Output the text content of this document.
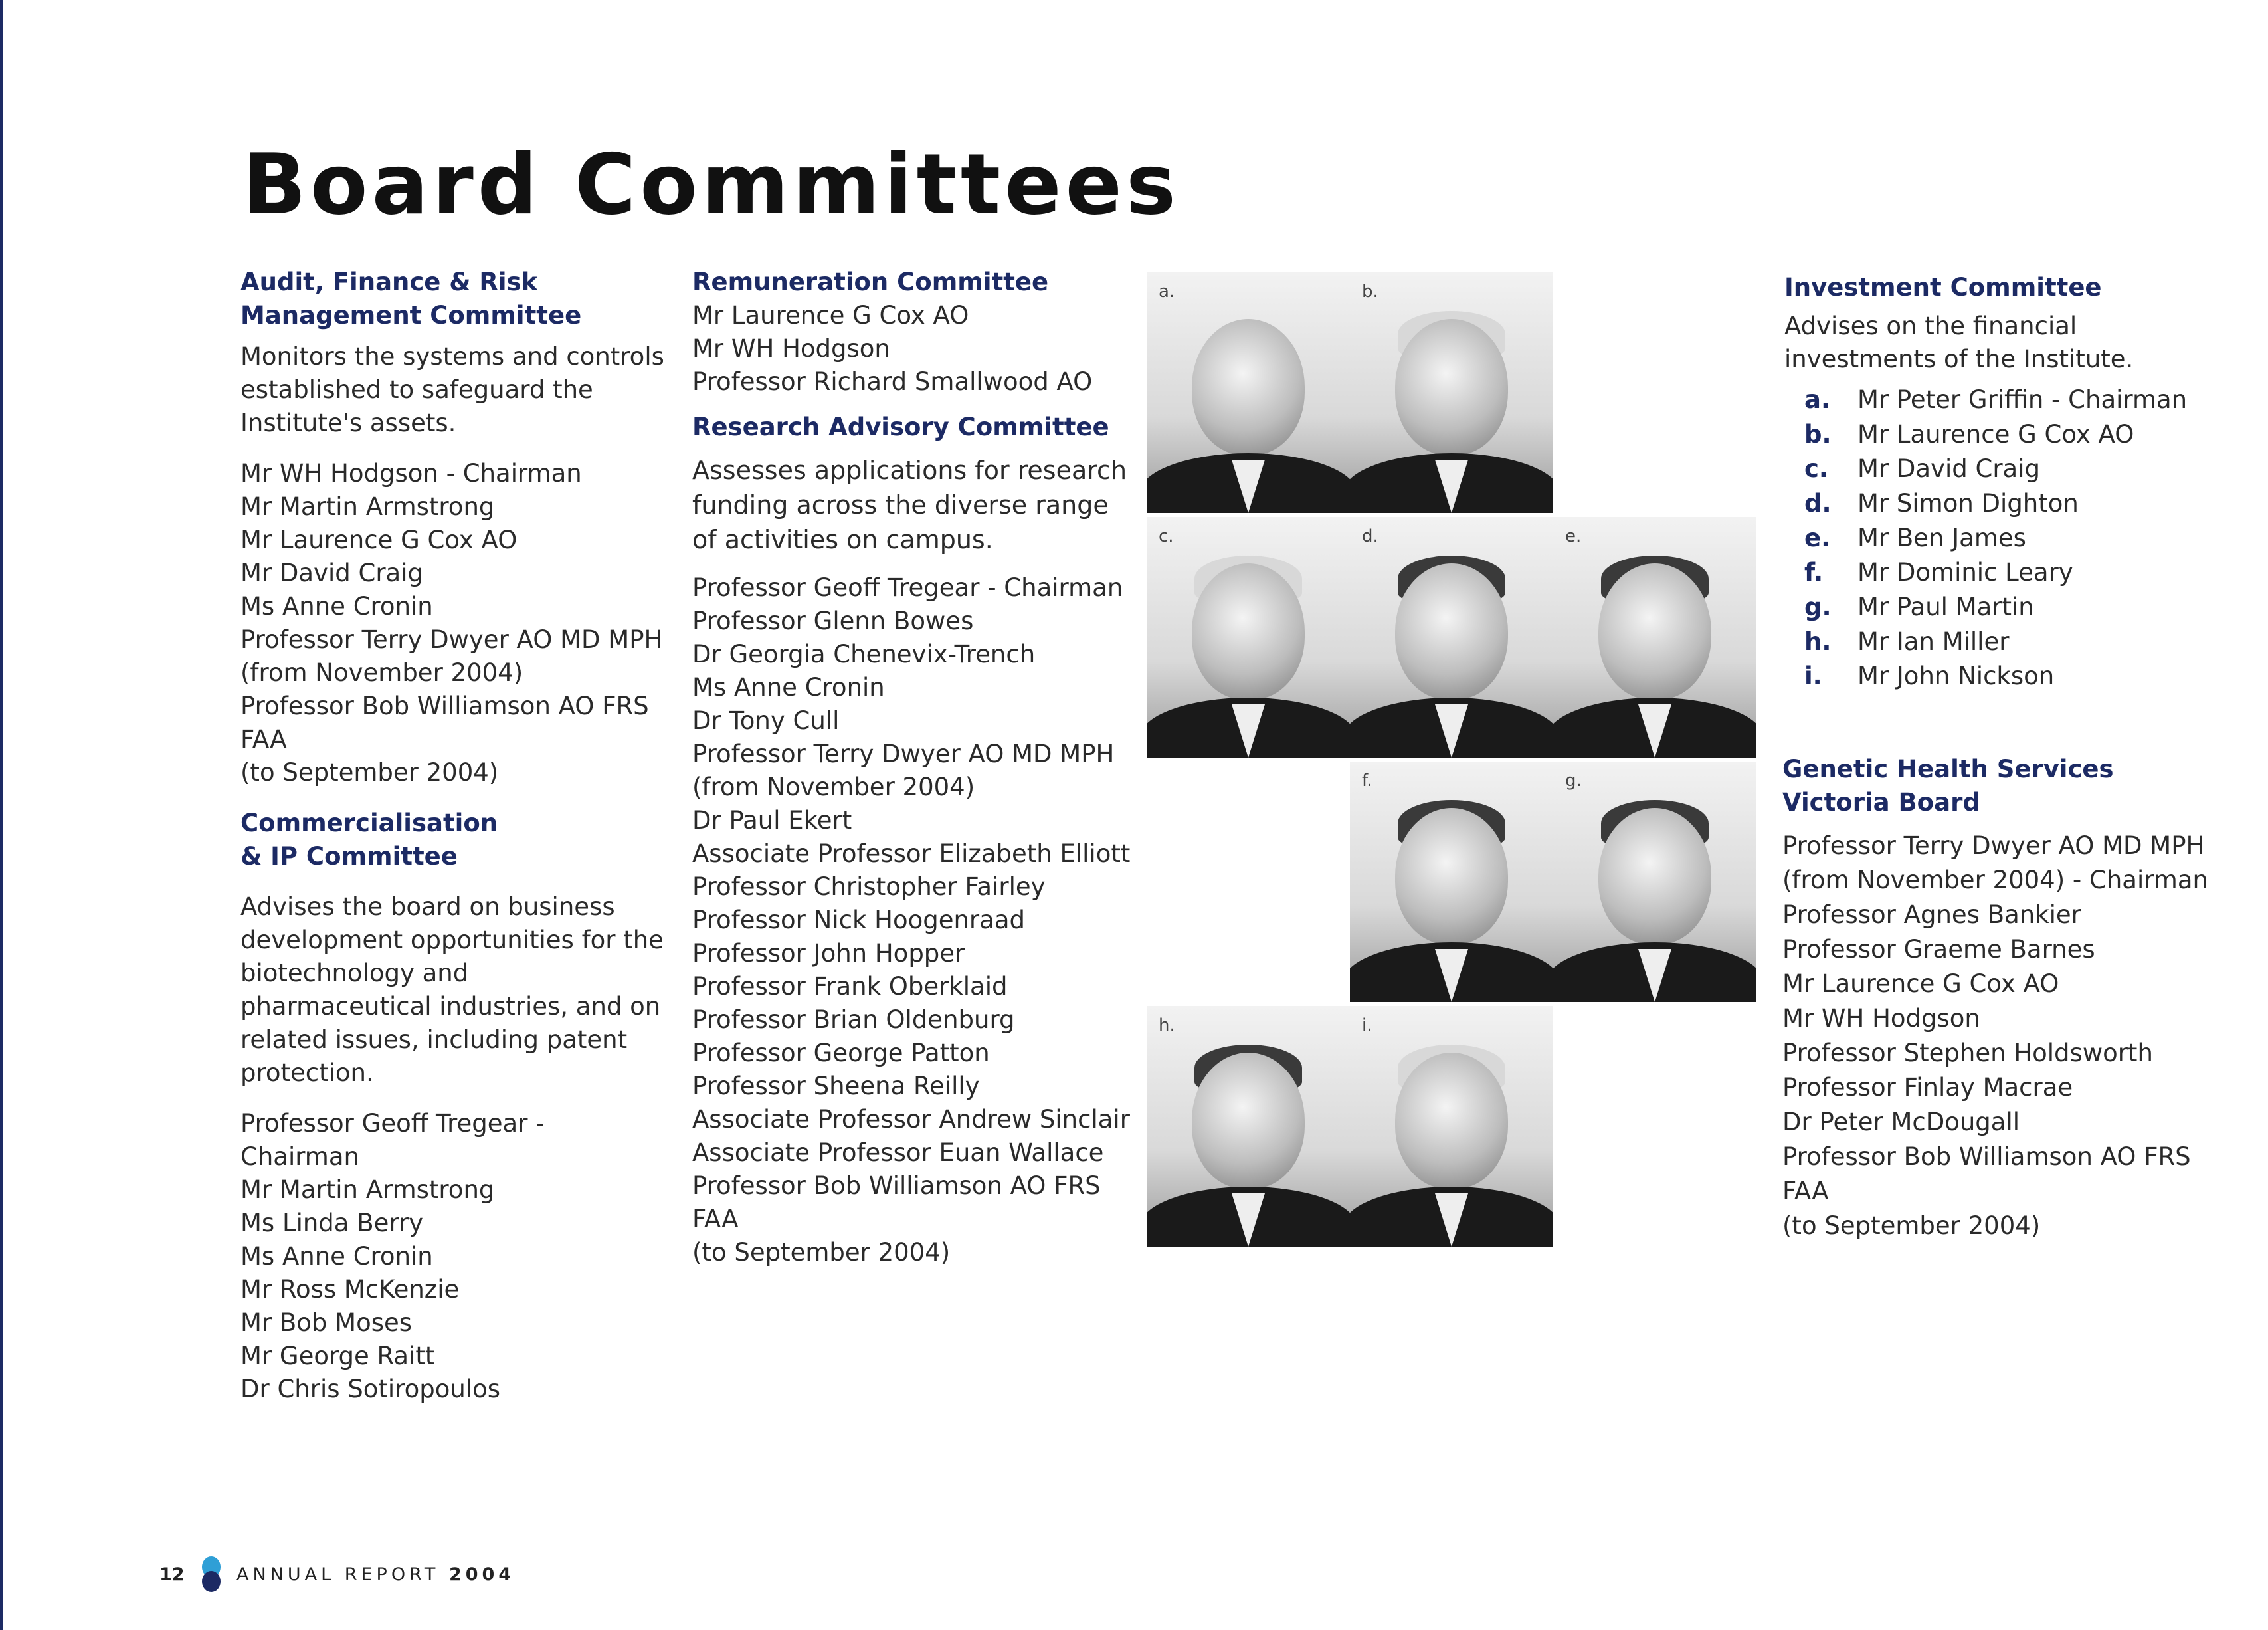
Board Committees
Audit, Finance & Risk Management Committee

Monitors the systems and controls established to safeguard the Institute's assets.

Mr WH Hodgson - Chairman
Mr Martin Armstrong
Mr Laurence G Cox AO
Mr David Craig
Ms Anne Cronin
Professor Terry Dwyer AO MD MPH
(from November 2004)
Professor Bob Williamson AO FRS FAA
(to September 2004)
Commercialisation
& IP Committee

Advises the board on business development opportunities for the biotechnology and pharmaceutical industries, and on related issues, including patent protection.

Professor Geoff Tregear - Chairman
Mr Martin Armstrong
Ms Linda Berry
Ms Anne Cronin
Mr Ross McKenzie
Mr Bob Moses
Mr George Raitt
Dr Chris Sotiropoulos
Remuneration Committee
Mr Laurence G Cox AO
Mr WH Hodgson
Professor Richard Smallwood AO
Research Advisory Committee

Assesses applications for research funding across the diverse range of activities on campus.

Professor Geoff Tregear - Chairman
Professor Glenn Bowes
Dr Georgia Chenevix-Trench
Ms Anne Cronin
Dr Tony Cull
Professor Terry Dwyer AO MD MPH
(from November 2004)
Dr Paul Ekert
Associate Professor Elizabeth Elliott
Professor Christopher Fairley
Professor Nick Hoogenraad
Professor John Hopper
Professor Frank Oberklaid
Professor Brian Oldenburg
Professor George Patton
Professor Sheena Reilly
Associate Professor Andrew Sinclair
Associate Professor Euan Wallace
Professor Bob Williamson AO FRS FAA
(to September 2004)
a.	b.
c.	d.	e.
f.	g.
h.	i.
Investment Committee

Advises on the financial investments of the Institute.

a.	Mr Peter Griffin - Chairman
b.	Mr Laurence G Cox AO
c.	Mr David Craig
d.	Mr Simon Dighton
e.	Mr Ben James
f.	Mr Dominic Leary
g.	Mr Paul Martin
h.	Mr Ian Miller
i.	Mr John Nickson
Genetic Health Services Victoria Board
Professor Terry Dwyer AO MD MPH
(from November 2004) - Chairman
Professor Agnes Bankier
Professor Graeme Barnes
Mr Laurence G Cox AO
Mr WH Hodgson
Professor Stephen Holdsworth
Professor Finlay Macrae
Dr Peter McDougall
Professor Bob Williamson AO FRS FAA
(to September 2004)
12	ANNUAL REPORT 2004
